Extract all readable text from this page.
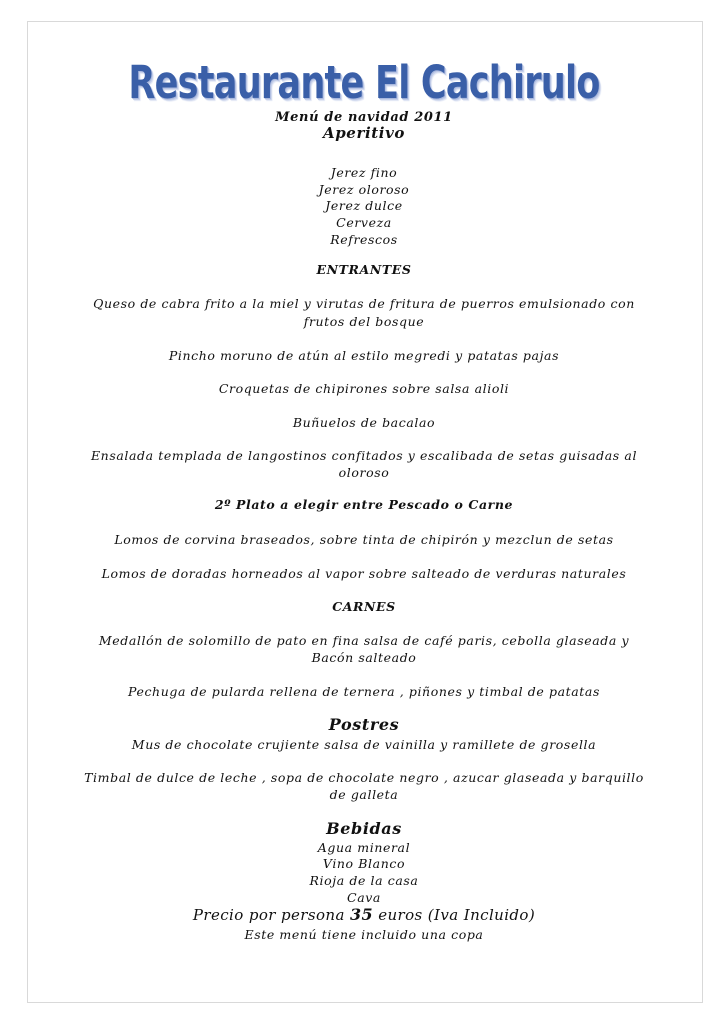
Restaurante El Cachirulo
Menú de navidad 2011
Aperitivo
Jerez fino
Jerez oloroso
Jerez dulce
Cerveza
Refrescos
ENTRANTES
Queso de cabra frito a la miel y virutas de fritura de puerros emulsionado con
frutos del bosque
Pincho moruno de atún al estilo megredi y patatas pajas
Croquetas de chipirones sobre salsa alioli
Buñuelos de bacalao
Ensalada templada de langostinos confitados y escalibada de setas guisadas al
oloroso
2º Plato a elegir entre Pescado o Carne
Lomos de corvina braseados, sobre tinta de chipirón y mezclun de setas
Lomos de doradas horneados al vapor sobre salteado de verduras naturales
CARNES
Medallón de solomillo de pato en fina salsa de café paris, cebolla glaseada y
Bacón salteado
Pechuga de pularda rellena de ternera , piñones y timbal de patatas
Postres
Mus de chocolate crujiente salsa de vainilla y ramillete de grosella
Timbal de dulce de leche , sopa de chocolate negro , azucar glaseada y barquillo
de galleta
Bebidas
Agua mineral
Vino Blanco
Rioja de la casa
Cava
Precio por persona 35 euros (Iva Incluido)
Este menú tiene incluido una copa
